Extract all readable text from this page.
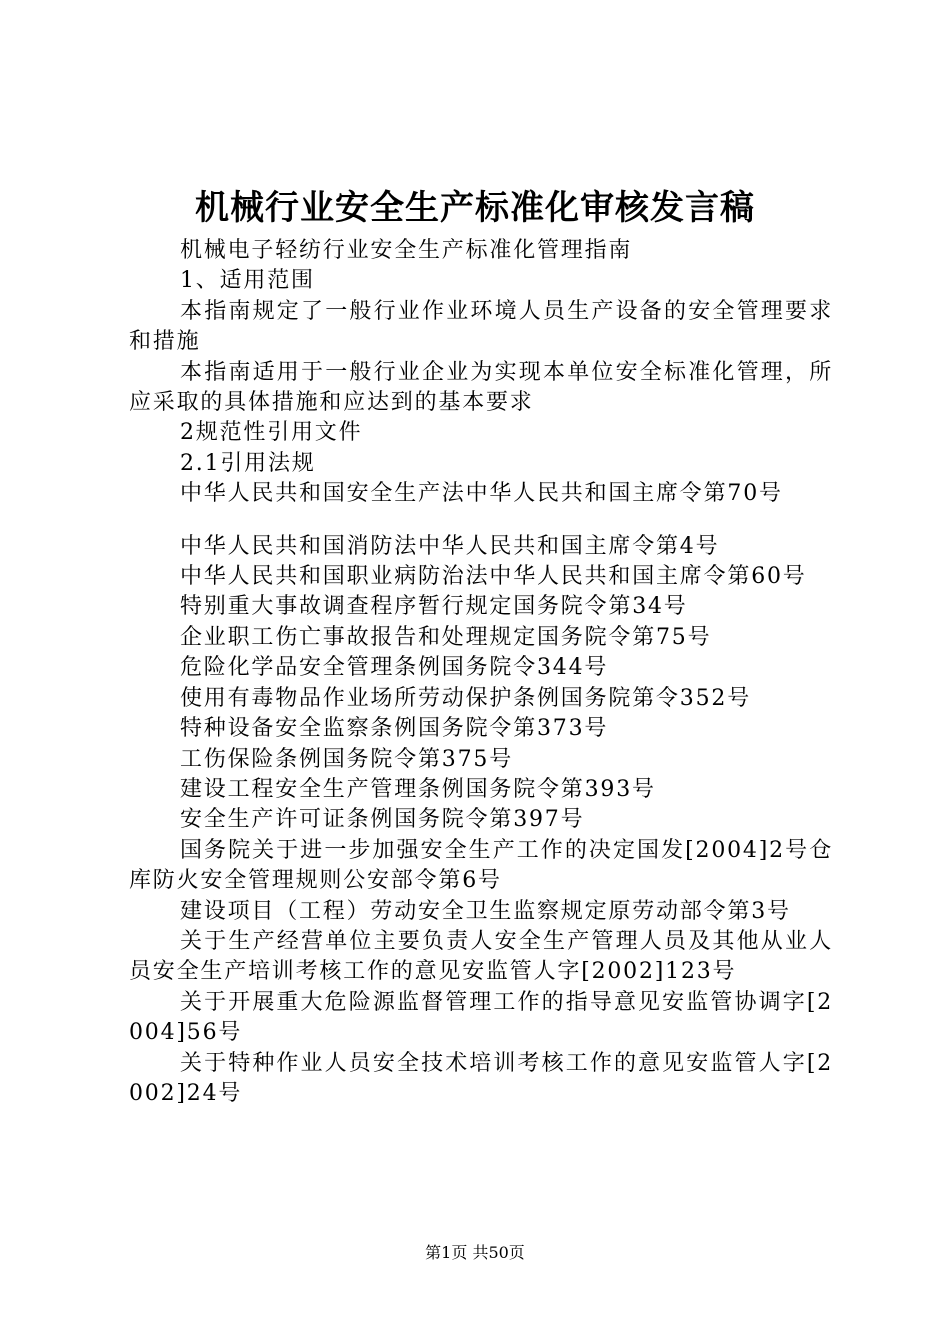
机械行业安全生产标准化审核发言稿

机械电子轻纺行业安全生产标准化管理指南

1、适用范围

本指南规定了一般行业作业环境人员生产设备的安全管理要求和措施

本指南适用于一般行业企业为实现本单位安全标准化管理，所应采取的具体措施和应达到的基本要求

2规范性引用文件

2.1引用法规

中华人民共和国安全生产法中华人民共和国主席令第70号

中华人民共和国消防法中华人民共和国主席令第4号

中华人民共和国职业病防治法中华人民共和国主席令第60号

特别重大事故调查程序暂行规定国务院令第34号

企业职工伤亡事故报告和处理规定国务院令第75号

危险化学品安全管理条例国务院令344号

使用有毒物品作业场所劳动保护条例国务院第令352号

特种设备安全监察条例国务院令第373号

工伤保险条例国务院令第375号

建设工程安全生产管理条例国务院令第393号

安全生产许可证条例国务院令第397号

国务院关于进一步加强安全生产工作的决定国发[2004]2号仓库防火安全管理规则公安部令第6号

建设项目（工程）劳动安全卫生监察规定原劳动部令第3号

关于生产经营单位主要负责人安全生产管理人员及其他从业人员安全生产培训考核工作的意见安监管人字[2002]123号

关于开展重大危险源监督管理工作的指导意见安监管协调字[2004]56号

关于特种作业人员安全技术培训考核工作的意见安监管人字[2002]24号

第1页 共50页
